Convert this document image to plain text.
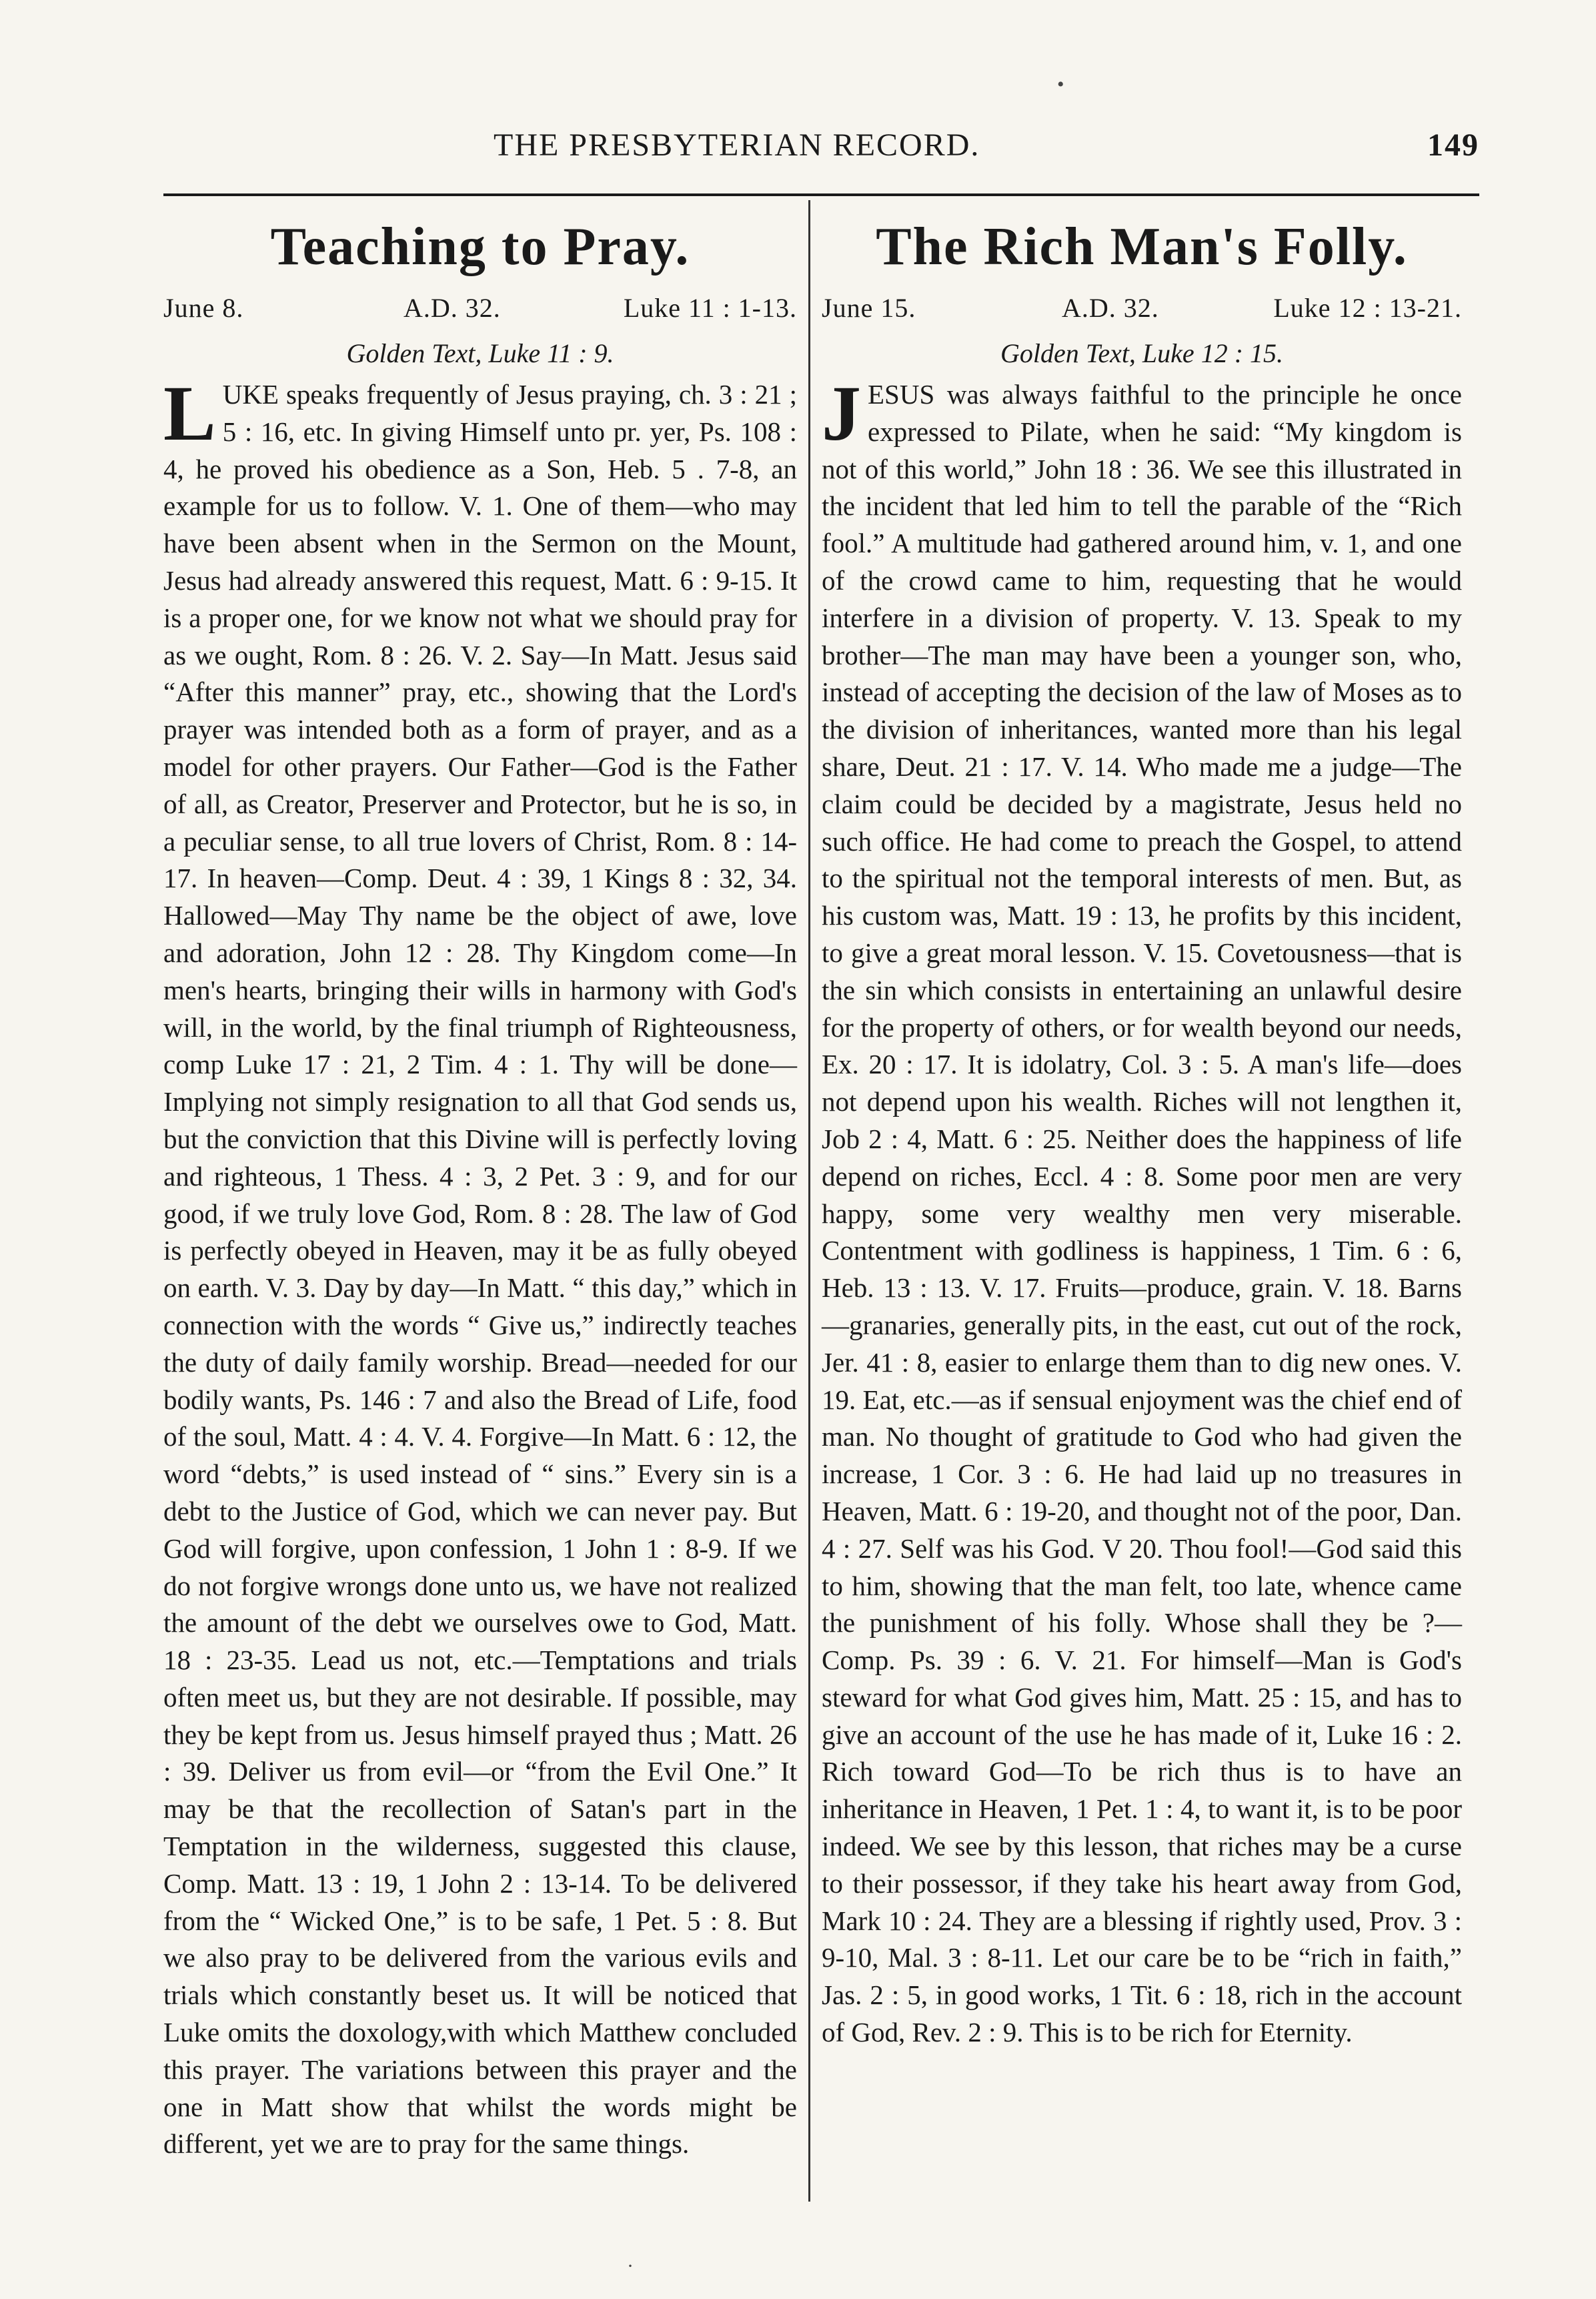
THE PRESBYTERIAN RECORD.	149
Teaching to Pray.
June 8.	A.D. 32.	Luke 11 : 1-13.
Golden Text, Luke 11 : 9.
LUKE speaks frequently of Jesus praying, ch. 3 : 21 ; 5 : 16, etc. In giving Himself unto pr. yer, Ps. 108 : 4, he proved his obedience as a Son, Heb. 5 . 7-8, an example for us to follow. V. 1. One of them—who may have been absent when in the Sermon on the Mount, Jesus had already answered this request, Matt. 6 : 9-15. It is a proper one, for we know not what we should pray for as we ought, Rom. 8 : 26. V. 2. Say—In Matt. Jesus said “After this manner” pray, etc., showing that the Lord's prayer was intended both as a form of prayer, and as a model for other prayers. Our Father—God is the Father of all, as Creator, Preserver and Protector, but he is so, in a peculiar sense, to all true lovers of Christ, Rom. 8 : 14-17. In heaven—Comp. Deut. 4 : 39, 1 Kings 8 : 32, 34. Hallowed—May Thy name be the object of awe, love and adoration, John 12 : 28. Thy Kingdom come—In men's hearts, bringing their wills in harmony with God's will, in the world, by the final triumph of Righteousness, comp Luke 17 : 21, 2 Tim. 4 : 1. Thy will be done—Implying not simply resignation to all that God sends us, but the conviction that this Divine will is perfectly loving and righteous, 1 Thess. 4 : 3, 2 Pet. 3 : 9, and for our good, if we truly love God, Rom. 8 : 28. The law of God is perfectly obeyed in Heaven, may it be as fully obeyed on earth. V. 3. Day by day—In Matt. “ this day,” which in connection with the words “ Give us,” indirectly teaches the duty of daily family worship. Bread—needed for our bodily wants, Ps. 146 : 7 and also the Bread of Life, food of the soul, Matt. 4 : 4. V. 4. Forgive—In Matt. 6 : 12, the word “debts,” is used instead of “ sins.” Every sin is a debt to the Justice of God, which we can never pay. But God will forgive, upon confession, 1 John 1 : 8-9. If we do not forgive wrongs done unto us, we have not realized the amount of the debt we ourselves owe to God, Matt. 18 : 23-35. Lead us not, etc.—Temptations and trials often meet us, but they are not desirable. If possible, may they be kept from us. Jesus himself prayed thus ; Matt. 26 : 39. Deliver us from evil—or “from the Evil One.” It may be that the recollection of Satan's part in the Temptation in the wilderness, suggested this clause, Comp. Matt. 13 : 19, 1 John 2 : 13-14. To be delivered from the “ Wicked One,” is to be safe, 1 Pet. 5 : 8. But we also pray to be delivered from the various evils and trials which constantly beset us. It will be noticed that Luke omits the doxology,with which Matthew concluded this prayer. The variations between this prayer and the one in Matt show that whilst the words might be different, yet we are to pray for the same things.
The Rich Man's Folly.
June 15.	A.D. 32.	Luke 12 : 13-21.
Golden Text, Luke 12 : 15.
JESUS was always faithful to the principle he once expressed to Pilate, when he said: “My kingdom is not of this world,” John 18 : 36. We see this illustrated in the incident that led him to tell the parable of the “Rich fool.” A multitude had gathered around him, v. 1, and one of the crowd came to him, requesting that he would interfere in a division of property. V. 13. Speak to my brother—The man may have been a younger son, who, instead of accepting the decision of the law of Moses as to the division of inheritances, wanted more than his legal share, Deut. 21 : 17. V. 14. Who made me a judge—The claim could be decided by a magistrate, Jesus held no such office. He had come to preach the Gospel, to attend to the spiritual not the temporal interests of men. But, as his custom was, Matt. 19 : 13, he profits by this incident, to give a great moral lesson. V. 15. Covetousness—that is the sin which consists in entertaining an unlawful desire for the property of others, or for wealth beyond our needs, Ex. 20 : 17. It is idolatry, Col. 3 : 5. A man's life—does not depend upon his wealth. Riches will not lengthen it, Job 2 : 4, Matt. 6 : 25. Neither does the happiness of life depend on riches, Eccl. 4 : 8. Some poor men are very happy, some very wealthy men very miserable. Contentment with godliness is happiness, 1 Tim. 6 : 6, Heb. 13 : 13. V. 17. Fruits—produce, grain. V. 18. Barns—granaries, generally pits, in the east, cut out of the rock, Jer. 41 : 8, easier to enlarge them than to dig new ones. V. 19. Eat, etc.—as if sensual enjoyment was the chief end of man. No thought of gratitude to God who had given the increase, 1 Cor. 3 : 6. He had laid up no treasures in Heaven, Matt. 6 : 19-20, and thought not of the poor, Dan. 4 : 27. Self was his God. V 20. Thou fool!—God said this to him, showing that the man felt, too late, whence came the punishment of his folly. Whose shall they be ?—Comp. Ps. 39 : 6. V. 21. For himself—Man is God's steward for what God gives him, Matt. 25 : 15, and has to give an account of the use he has made of it, Luke 16 : 2. Rich toward God—To be rich thus is to have an inheritance in Heaven, 1 Pet. 1 : 4, to want it, is to be poor indeed. We see by this lesson, that riches may be a curse to their possessor, if they take his heart away from God, Mark 10 : 24. They are a blessing if rightly used, Prov. 3 : 9-10, Mal. 3 : 8-11. Let our care be to be “rich in faith,” Jas. 2 : 5, in good works, 1 Tit. 6 : 18, rich in the account of God, Rev. 2 : 9. This is to be rich for Eternity.
•
·
